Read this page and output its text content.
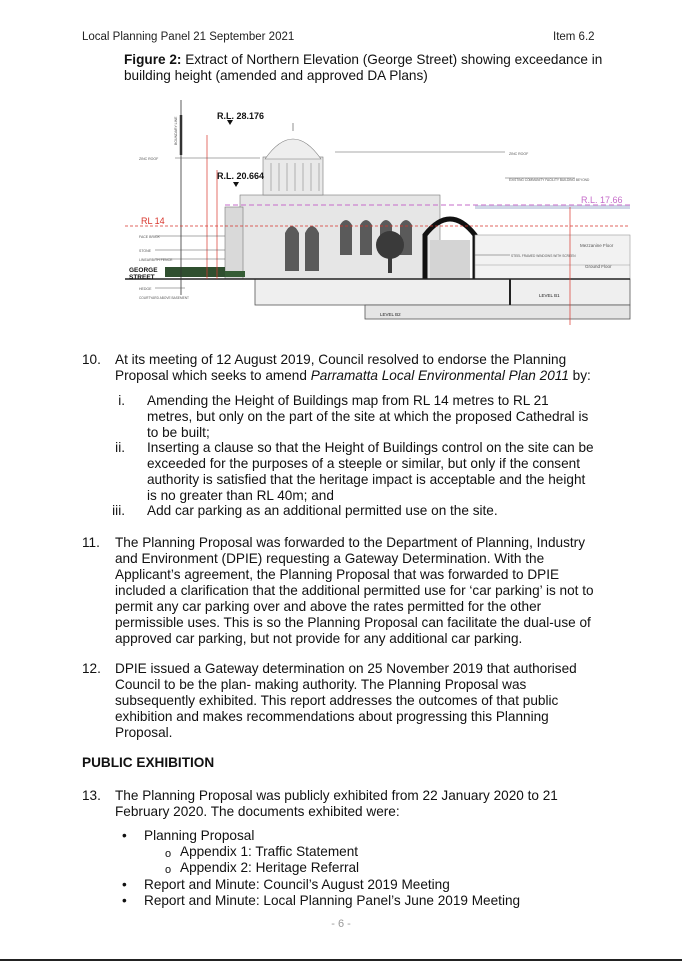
Local Planning Panel 21 September 2021	Item 6.2
Figure 2: Extract of Northern Elevation (George Street) showing exceedance in building height (amended and approved DA Plans)
R.L. 28.176
R.L. 20.664
R.L. 17.66
RL 14
ZINC ROOF
ZINC ROOF
EXISTING COMMUNITY FACILITY BUILDING BEYOND
GEORGE
STREET
FACE BRICK
STONE
LINEARBITH FENCE
HEDGE
COURTYARD ABOVE BASEMENT
STEEL FRAMED WINDOWS WITH SCREEN
Mezzanine Floor
Ground Floor
LEVEL B1
LEVEL B2
BOUNDARY LINE
10. At its meeting of 12 August 2019, Council resolved to endorse the Planning
Proposal which seeks to amend Parramatta Local Environmental Plan 2011 by:
i. Amending the Height of Buildings map from RL 14 metres to RL 21
metres, but only on the part of the site at which the proposed Cathedral is
to be built;
ii. Inserting a clause so that the Height of Buildings control on the site can be
exceeded for the purposes of a steeple or similar, but only if the consent
authority is satisfied that the heritage impact is acceptable and the height
is no greater than RL 40m; and
iii. Add car parking as an additional permitted use on the site.
11. The Planning Proposal was forwarded to the Department of Planning, Industry
and Environment (DPIE) requesting a Gateway Determination. With the
Applicant’s agreement, the Planning Proposal that was forwarded to DPIE
included a clarification that the additional permitted use for ‘car parking’ is not to
permit any car parking over and above the rates permitted for the other
permissible uses. This is so the Planning Proposal can facilitate the dual-use of
approved car parking, but not provide for any additional car parking.
12. DPIE issued a Gateway determination on 25 November 2019 that authorised
Council to be the plan- making authority. The Planning Proposal was
subsequently exhibited. This report addresses the outcomes of that public
exhibition and makes recommendations about progressing this Planning
Proposal.
PUBLIC EXHIBITION
13. The Planning Proposal was publicly exhibited from 22 January 2020 to 21
February 2020. The documents exhibited were:
• Planning Proposal
o Appendix 1: Traffic Statement
o Appendix 2: Heritage Referral
• Report and Minute: Council’s August 2019 Meeting
• Report and Minute: Local Planning Panel’s June 2019 Meeting
- 6 -
